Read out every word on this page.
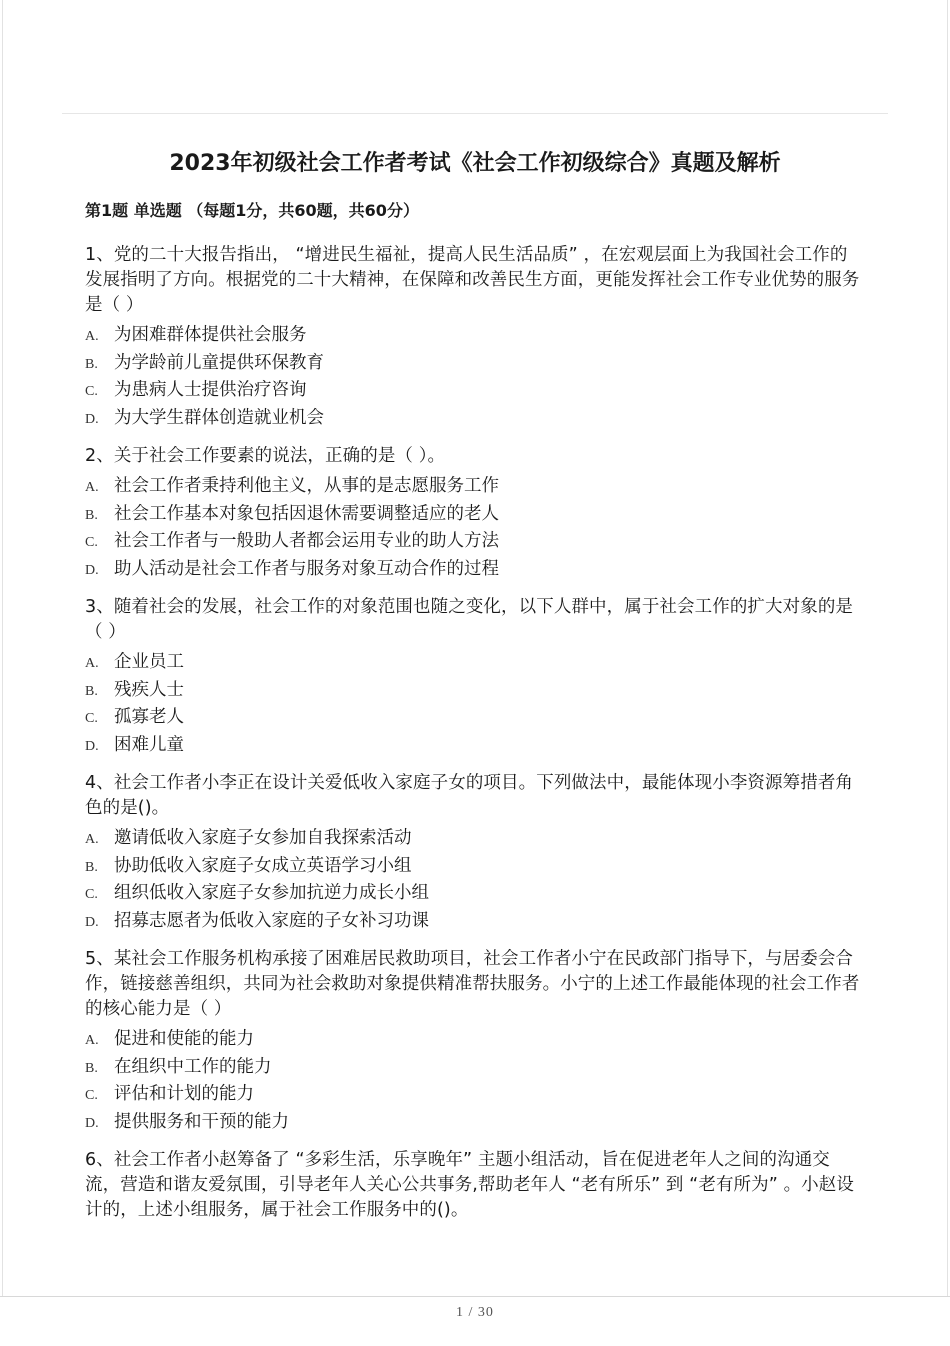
2023年初级社会工作者考试《社会工作初级综合》真题及解析
第1题 单选题 （每题1分，共60题，共60分）

1、党的二十大报告指出， “增进民生福祉，提高人民生活品质” ，在宏观层面上为我国社会工作的发展指明了方向。根据党的二十大精神，在保障和改善民生方面，更能发挥社会工作专业优势的服务是（ ）

A. 为困难群体提供社会服务
B. 为学龄前儿童提供环保教育
C. 为患病人士提供治疗咨询
D. 为大学生群体创造就业机会

2、关于社会工作要素的说法，正确的是（ ）。

A. 社会工作者秉持利他主义，从事的是志愿服务工作
B. 社会工作基本对象包括因退休需要调整适应的老人
C. 社会工作者与一般助人者都会运用专业的助人方法
D. 助人活动是社会工作者与服务对象互动合作的过程

3、随着社会的发展，社会工作的对象范围也随之变化，以下人群中，属于社会工作的扩大对象的是（ ）

A. 企业员工
B. 残疾人士
C. 孤寡老人
D. 困难儿童

4、社会工作者小李正在设计关爱低收入家庭子女的项目。下列做法中，最能体现小李资源筹措者角色的是()。

A. 邀请低收入家庭子女参加自我探索活动
B. 协助低收入家庭子女成立英语学习小组
C. 组织低收入家庭子女参加抗逆力成长小组
D. 招募志愿者为低收入家庭的子女补习功课

5、某社会工作服务机构承接了困难居民救助项目，社会工作者小宁在民政部门指导下，与居委会合作，链接慈善组织，共同为社会救助对象提供精准帮扶服务。小宁的上述工作最能体现的社会工作者的核心能力是（ ）

A. 促进和使能的能力
B. 在组织中工作的能力
C. 评估和计划的能力
D. 提供服务和干预的能力

6、社会工作者小赵筹备了 “多彩生活，乐享晚年” 主题小组活动，旨在促进老年人之间的沟通交流，营造和谐友爱氛围，引导老年人关心公共事务,帮助老年人 “老有所乐” 到 “老有所为” 。小赵设计的，上述小组服务，属于社会工作服务中的()。

1 / 30
